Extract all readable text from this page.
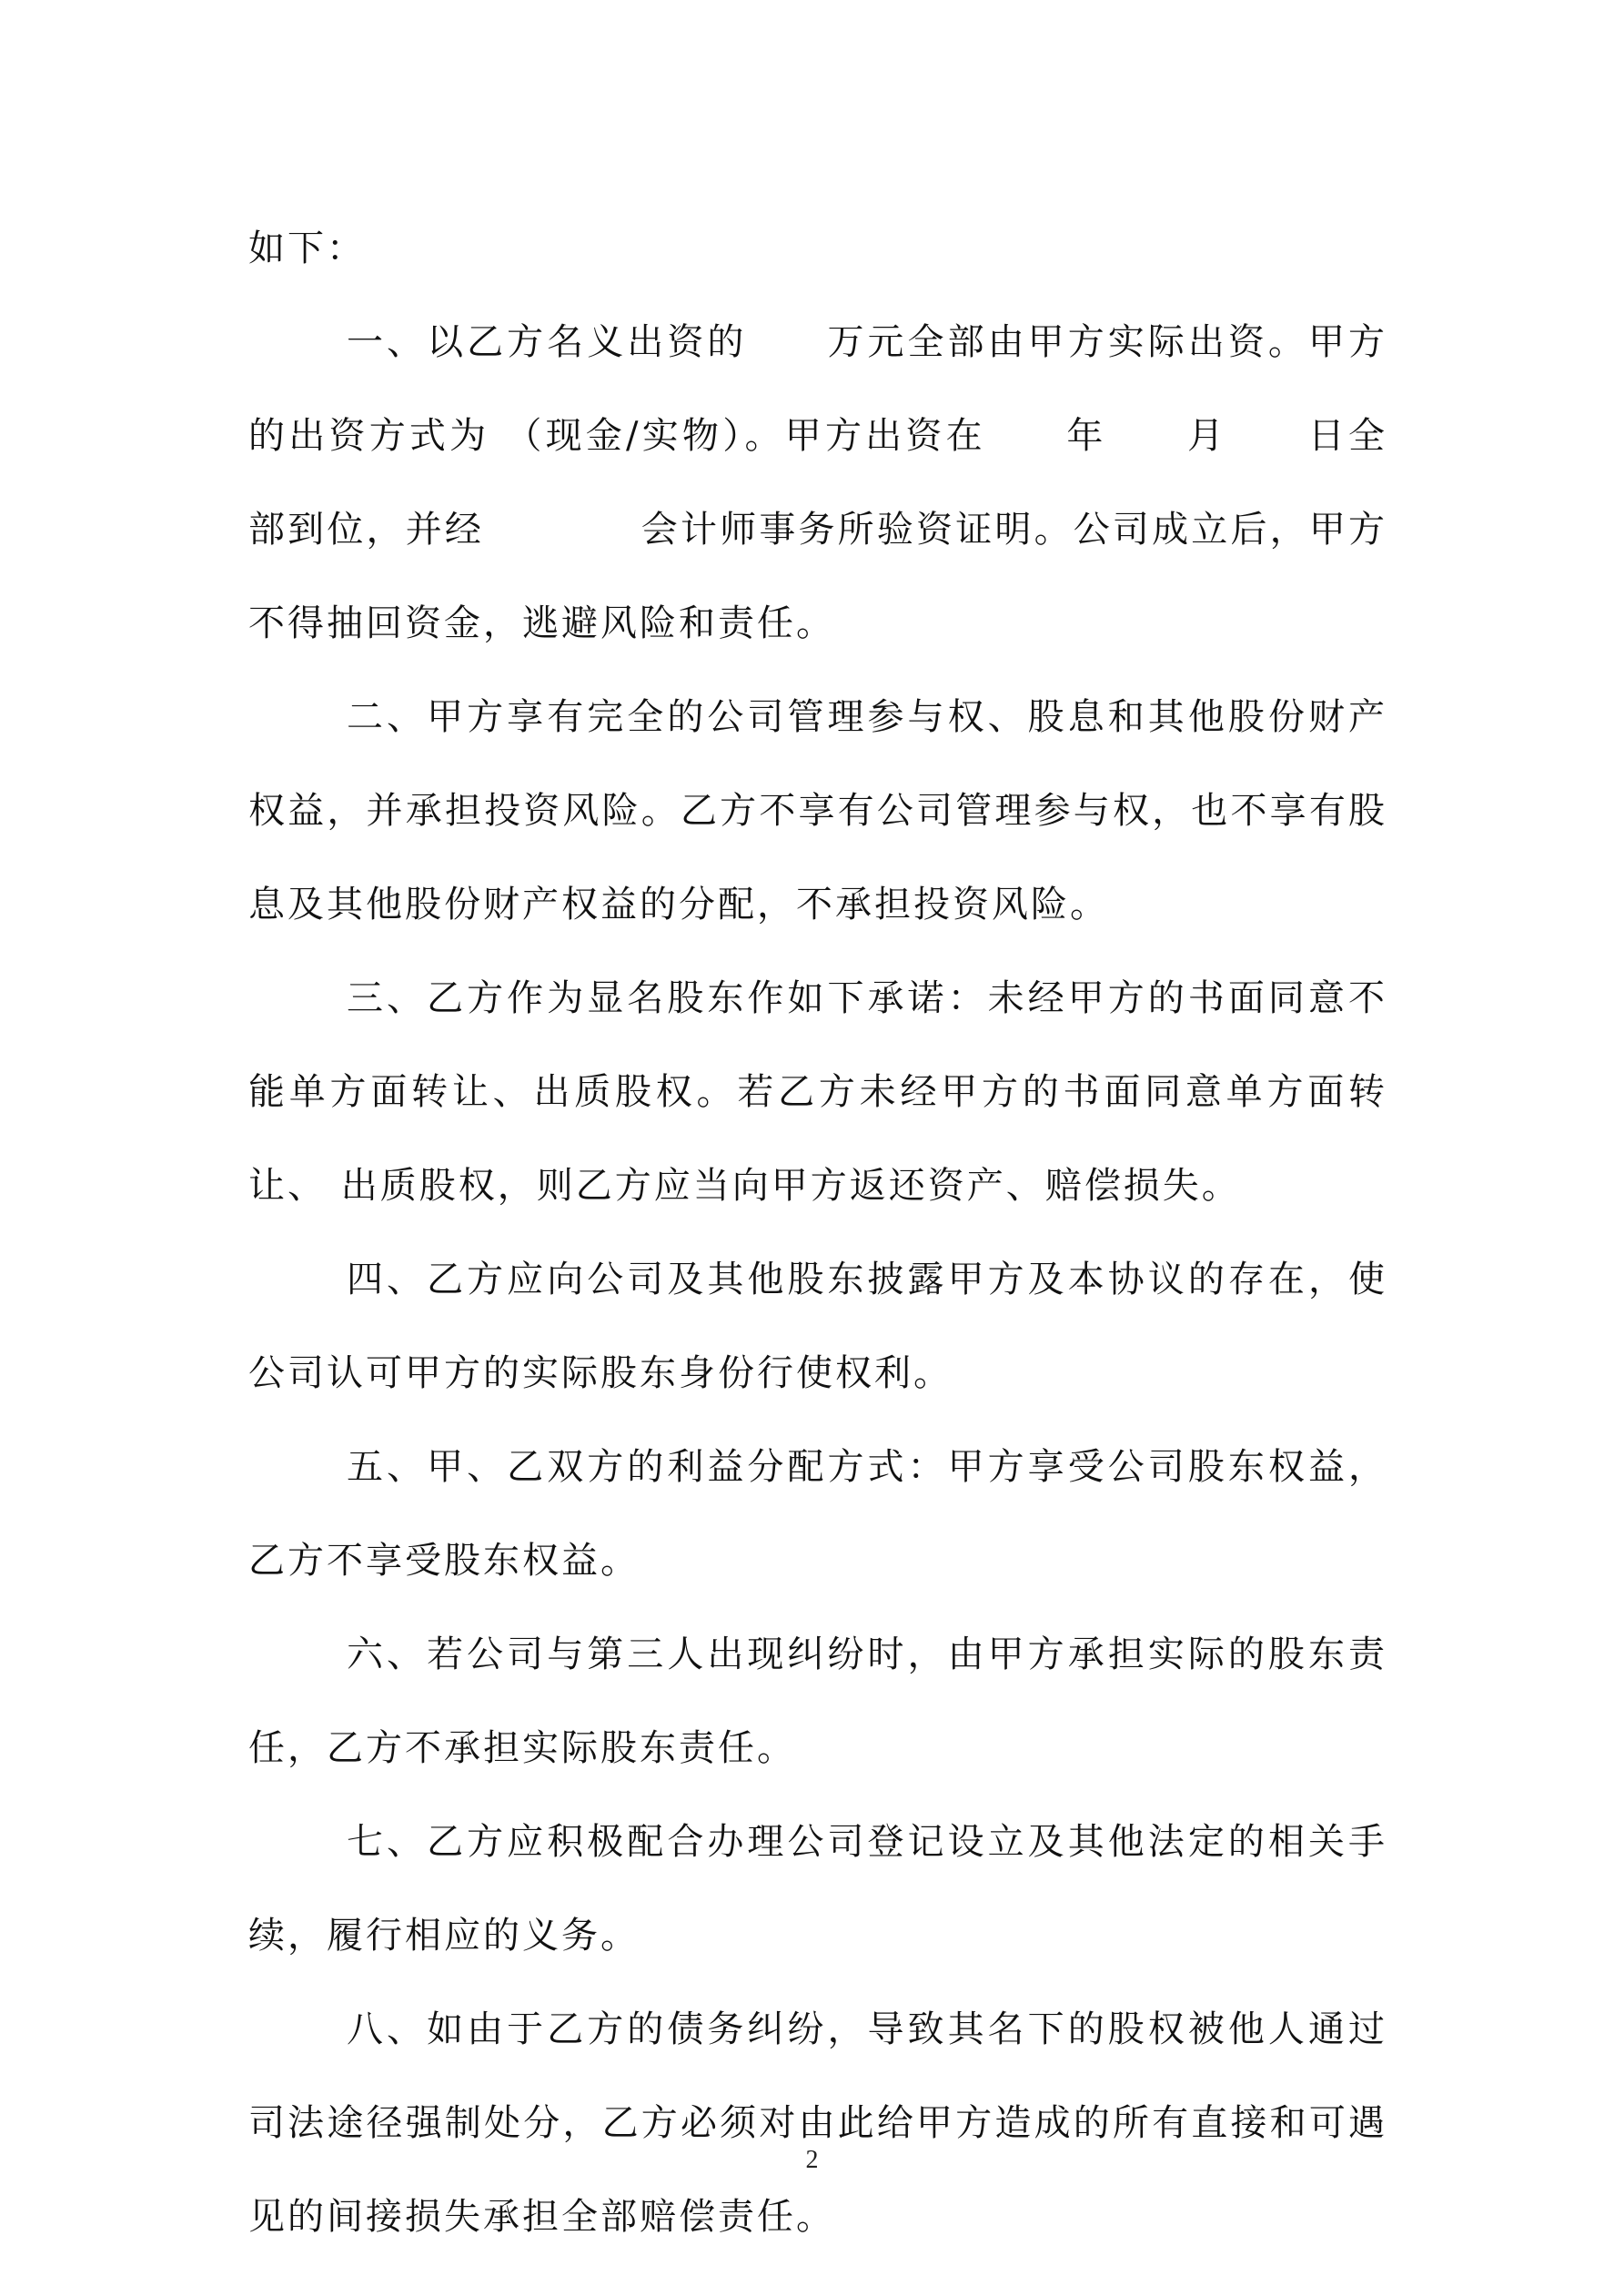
如下：

一、以乙方名义出资的　　万元全部由甲方实际出资。甲方的出资方式为 （现金/实物）。甲方出资在　　年　　月　　日全部到位，并经　　　　会计师事务所验资证明。公司成立后，甲方不得抽回资金，逃避风险和责任。

二、甲方享有完全的公司管理参与权、股息和其他股份财产权益，并承担投资风险。乙方不享有公司管理参与权，也不享有股息及其他股份财产权益的分配，不承担投资风险。

三、乙方作为显名股东作如下承诺：未经甲方的书面同意不能单方面转让、出质股权。若乙方未经甲方的书面同意单方面转让、 出质股权，则乙方应当向甲方返还资产、赔偿损失。

四、乙方应向公司及其他股东披露甲方及本协议的存在，使公司认可甲方的实际股东身份行使权利。

五、甲、乙双方的利益分配方式：甲方享受公司股东权益，乙方不享受股东权益。

六、若公司与第三人出现纠纷时，由甲方承担实际的股东责任，乙方不承担实际股东责任。

七、乙方应积极配合办理公司登记设立及其他法定的相关手续，履行相应的义务。

八、如由于乙方的债务纠纷，导致其名下的股权被他人通过司法途径强制处分，乙方必须对由此给甲方造成的所有直接和可遇见的间接损失承担全部赔偿责任。

2
